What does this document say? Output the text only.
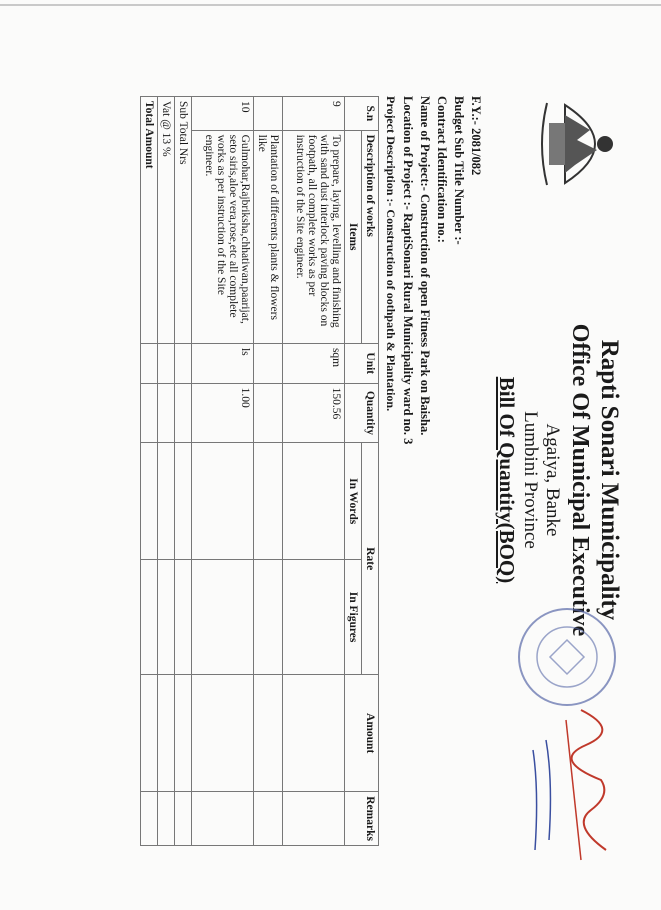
Rapti Sonari Municipality
Office Of Municipal Executive
Agaiya, Banke
Lumbini Province
Bill Of Quantity(BOQ)
F.Y.:- 2081/082
Budget Sub Title Number :-
Contract Identification no.:
Name of Project:- Construction of open Fitness Park on Baisha.
Location of Project :- RaptiSonari Rural Municipality ward no. 3
Project Description :- Construction of oothpath & Plantation.
S.n	Description of works	Unit	Quantity	Rate		Amount	Remarks
	Items			In Words	In Figures		
9	To prepare, laying, levelling and finishing with sand dust interlock paving blocks on footpath, all complete works as per instruction of the Site engineer.	sqm	150.56				
	Plantation of differents plants & flowers like						
10	Gulmohar,Rajbriksha,chhatiwan,paarijat, seto siris,aloe vera,rose,etc all complete works as per instruction of the Site engineer.	ls	1.00				
Sub Total Nrs							
Vat @ 13 %							
Total Amount							
